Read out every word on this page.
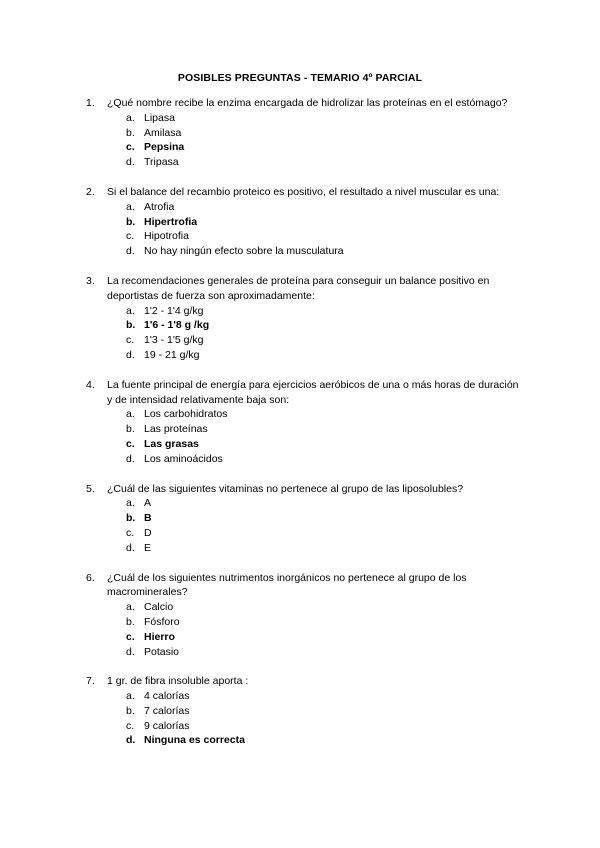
POSIBLES PREGUNTAS - TEMARIO 4º PARCIAL
1.	¿Qué nombre recibe la enzima encargada de hidrolizar las proteínas en el estómago?
a. Lipasa
b. Amilasa
c. Pepsina
d. Tripasa
2.	Si el balance del recambio proteico es positivo, el resultado a nivel muscular es una:
a. Atrofia
b. Hipertrofia
c. Hipotrofia
d. No hay ningún efecto sobre la musculatura
3.	La recomendaciones generales de proteína para conseguir un balance positivo en deportistas de fuerza son aproximadamente:
a. 1'2 - 1'4 g/kg
b. 1'6 - 1'8 g /kg
c. 1'3 - 1'5 g/kg
d. 19 - 21 g/kg
4.	La fuente principal de energía para ejercicios aeróbicos de una o más horas de duración y de intensidad relativamente baja son:
a. Los carbohidratos
b. Las proteínas
c. Las grasas
d. Los aminoácidos
5.	¿Cuál de las siguientes vitaminas no pertenece al grupo de las liposolubles?
a. A
b. B
c. D
d. E
6.	¿Cuál de los siguientes nutrimentos inorgánicos no pertenece al grupo de los macrominerales?
a. Calcio
b. Fósforo
c. Hierro
d. Potasio
7.	1 gr. de fibra insoluble aporta :
a. 4 calorías
b. 7 calorías
c. 9 calorías
d. Ninguna es correcta
